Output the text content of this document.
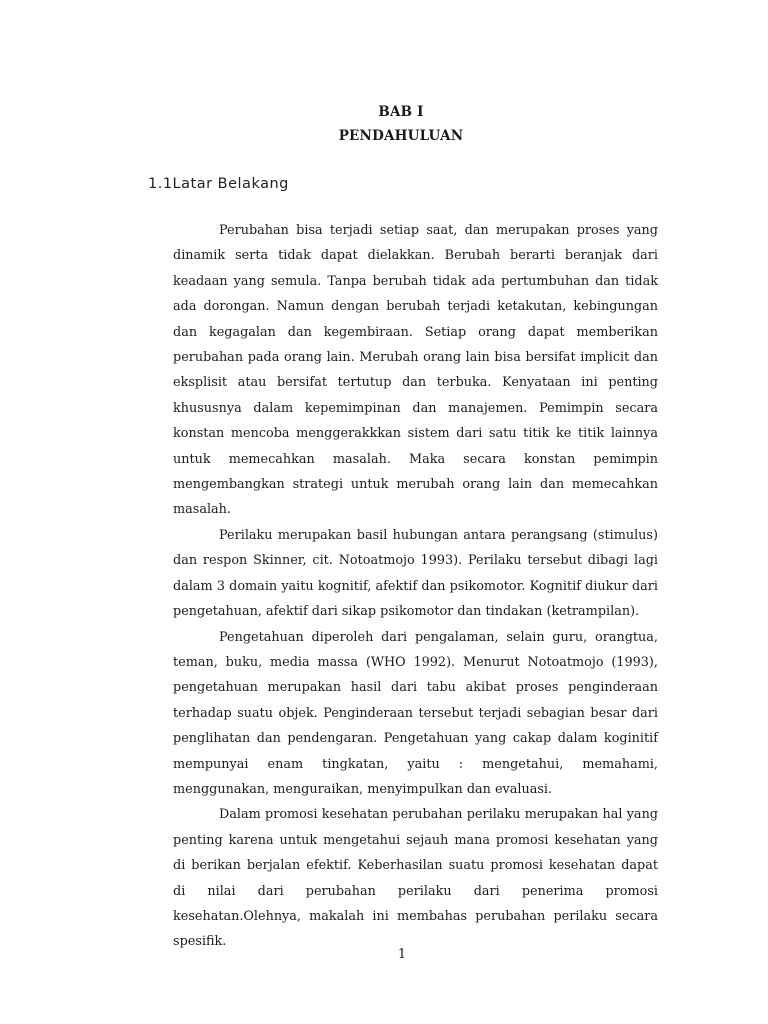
BAB I
PENDAHULUAN
1.1Latar Belakang

Perubahan bisa terjadi setiap saat, dan merupakan proses yang dinamik serta tidak dapat dielakkan. Berubah berarti beranjak dari keadaan yang semula. Tanpa berubah tidak ada pertumbuhan dan tidak ada dorongan. Namun dengan berubah terjadi ketakutan, kebingungan dan kegagalan dan kegembiraan. Setiap orang dapat memberikan perubahan pada orang lain. Merubah orang lain bisa bersifat implicit dan eksplisit atau bersifat tertutup dan terbuka. Kenyataan ini penting khususnya dalam kepemimpinan dan manajemen. Pemimpin secara konstan mencoba menggerakkkan sistem dari satu titik ke titik lainnya untuk memecahkan masalah. Maka secara konstan pemimpin mengembangkan strategi untuk merubah orang lain dan memecahkan masalah.

Perilaku merupakan basil hubungan antara perangsang (stimulus) dan respon Skinner, cit. Notoatmojo 1993). Perilaku tersebut dibagi lagi dalam 3 domain yaitu kognitif, afektif dan psikomotor. Kognitif diukur dari pengetahuan, afektif dari sikap psikomotor dan tindakan (ketrampilan).

Pengetahuan diperoleh dari pengalaman, selain guru, orangtua, teman, buku, media massa (WHO 1992). Menurut Notoatmojo (1993), pengetahuan merupakan hasil dari tabu akibat proses penginderaan terhadap suatu objek. Penginderaan tersebut terjadi sebagian besar dari penglihatan dan pendengaran. Pengetahuan yang cakap dalam koginitif mempunyai enam tingkatan, yaitu : mengetahui, memahami, menggunakan, menguraikan, menyimpulkan dan evaluasi.

Dalam promosi kesehatan perubahan perilaku merupakan hal yang penting karena untuk mengetahui sejauh mana promosi kesehatan yang di berikan berjalan efektif. Keberhasilan suatu promosi kesehatan dapat di nilai dari perubahan perilaku dari penerima promosi kesehatan.Olehnya, makalah ini membahas perubahan perilaku secara spesifik.

1
